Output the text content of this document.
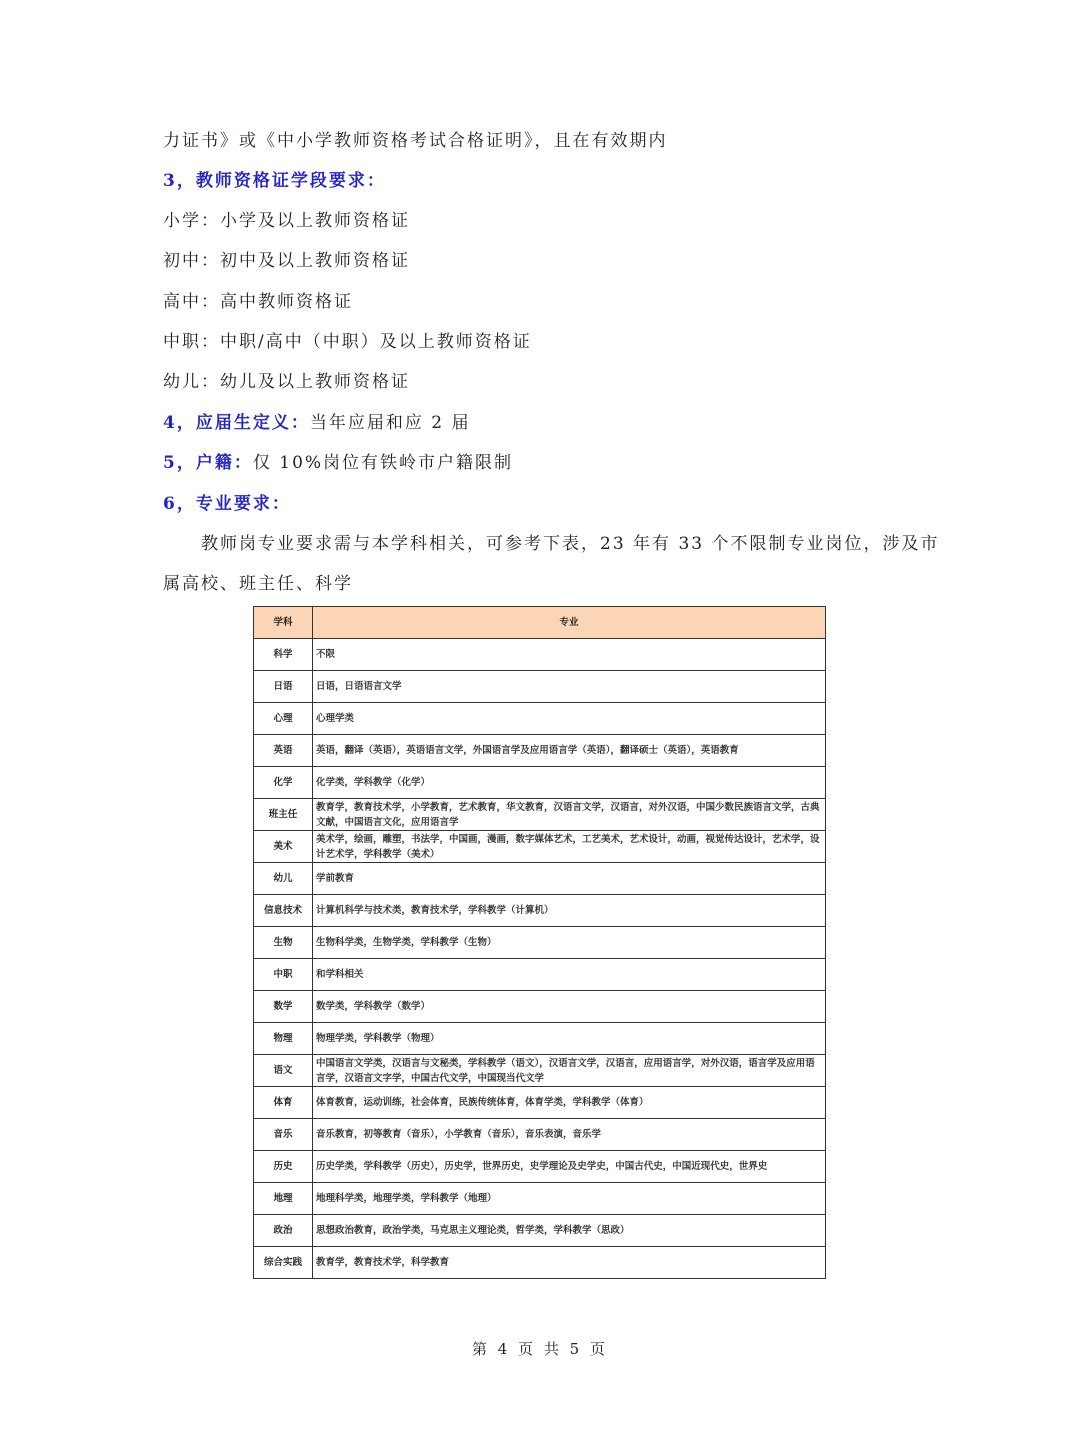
力证书》或《中小学教师资格考试合格证明》，且在有效期内
3，教师资格证学段要求：
小学：小学及以上教师资格证
初中：初中及以上教师资格证
高中：高中教师资格证
中职：中职/高中（中职）及以上教师资格证
幼儿：幼儿及以上教师资格证
4，应届生定义：当年应届和应 2 届
5，户籍：仅 10%岗位有铁岭市户籍限制
6，专业要求：
教师岗专业要求需与本学科相关，可参考下表，23 年有 33 个不限制专业岗位，涉及市
属高校、班主任、科学
学科	专业
科学	不限
日语	日语，日语语言文学
心理	心理学类
英语	英语，翻译（英语），英语语言文学，外国语言学及应用语言学（英语），翻译硕士（英语），英语教育
化学	化学类，学科教学（化学）
班主任	教育学，教育技术学，小学教育，艺术教育，华文教育，汉语言文学，汉语言，对外汉语，中国少数民族语言文学，古典文献，中国语言文化，应用语言学
美术	美术学，绘画，雕塑，书法学，中国画，漫画，数字媒体艺术，工艺美术，艺术设计，动画，视觉传达设计，艺术学，设计艺术学，学科教学（美术）
幼儿	学前教育
信息技术	计算机科学与技术类，教育技术学，学科教学（计算机）
生物	生物科学类，生物学类，学科教学（生物）
中职	和学科相关
数学	数学类，学科教学（数学）
物理	物理学类，学科教学（物理）
语文	中国语言文学类，汉语言与文秘类，学科教学（语文），汉语言文学，汉语言，应用语言学，对外汉语，语言学及应用语言学，汉语言文字学，中国古代文学，中国现当代文学
体育	体育教育，运动训练，社会体育，民族传统体育，体育学类，学科教学（体育）
音乐	音乐教育，初等教育（音乐），小学教育（音乐），音乐表演，音乐学
历史	历史学类，学科教学（历史），历史学，世界历史，史学理论及史学史，中国古代史，中国近现代史，世界史
地理	地理科学类，地理学类，学科教学（地理）
政治	思想政治教育，政治学类，马克思主义理论类，哲学类，学科教学（思政）
综合实践	教育学，教育技术学，科学教育
第 4 页 共 5 页
